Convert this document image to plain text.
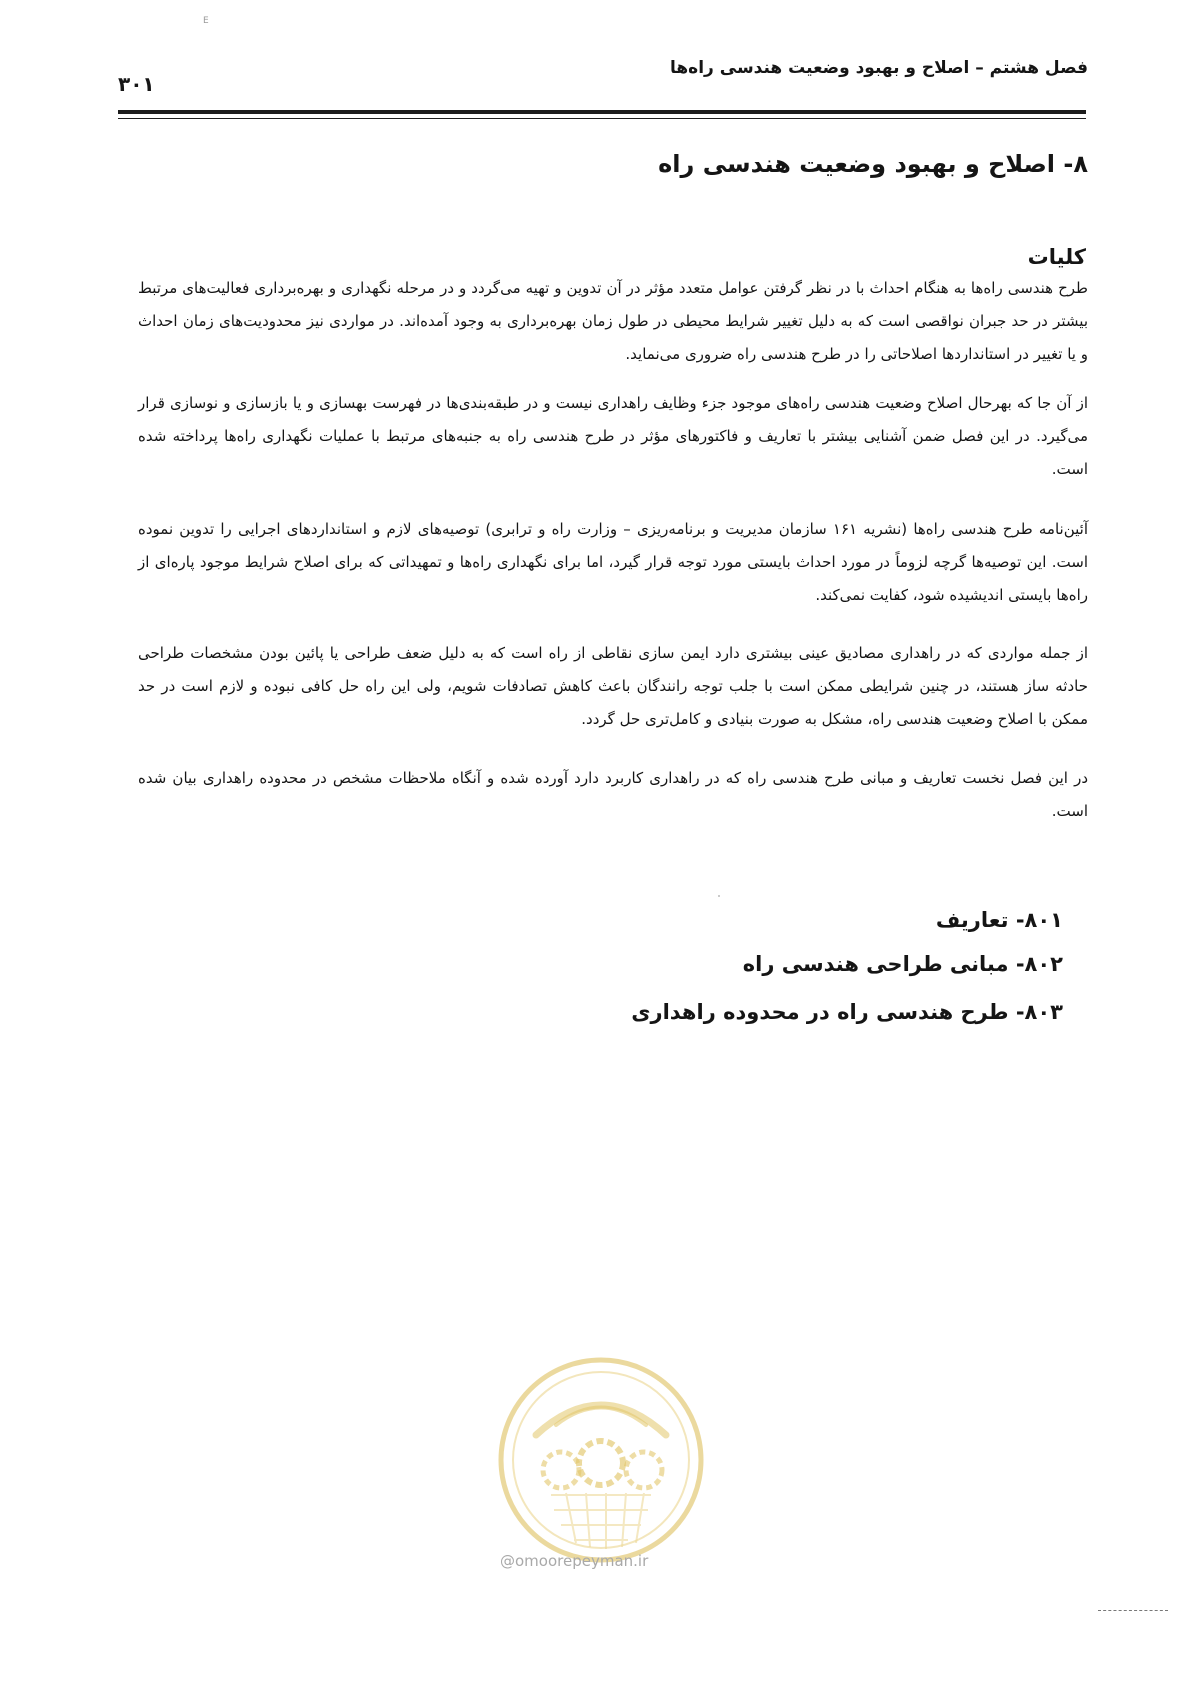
E
فصل هشتم – اصلاح و بهبود وضعیت هندسی راه‌ها
۳۰۱
۸- اصلاح و بهبود وضعیت هندسی راه
کلیات

طرح هندسی راه‌ها به هنگام احداث با در نظر گرفتن عوامل متعدد مؤثر در آن تدوین و تهیه می‌گردد و در مرحله نگهداری و بهره‌برداری فعالیت‌های مرتبط بیشتر در حد جبران نواقصی است که به دلیل تغییر شرایط محیطی در طول زمان بهره‌برداری به وجود آمده‌اند. در مواردی نیز محدودیت‌های زمان احداث و یا تغییر در استانداردها اصلاحاتی را در طرح هندسی راه ضروری می‌نماید.

از آن جا که بهرحال اصلاح وضعیت هندسی راه‌های موجود جزء وظایف راهداری نیست و در طبقه‌بندی‌ها در فهرست بهسازی و یا بازسازی و نوسازی قرار می‌گیرد. در این فصل ضمن آشنایی بیشتر با تعاریف و فاکتورهای مؤثر در طرح هندسی راه به جنبه‌های مرتبط با عملیات نگهداری راه‌ها پرداخته شده است.

آئین‌نامه طرح هندسی راه‌ها (نشریه ۱۶۱ سازمان مدیریت و برنامه‌ریزی – وزارت راه و ترابری) توصیه‌های لازم و استانداردهای اجرایی را تدوین نموده است. این توصیه‌ها گرچه لزوماً در مورد احداث بایستی مورد توجه قرار گیرد، اما برای نگهداری راه‌ها و تمهیداتی که برای اصلاح شرایط موجود پاره‌ای از راه‌ها بایستی اندیشیده شود، کفایت نمی‌کند.

از جمله مواردی که در راهداری مصادیق عینی بیشتری دارد ایمن سازی نقاطی از راه است که به دلیل ضعف طراحی یا پائین بودن مشخصات طراحی حادثه ساز هستند، در چنین شرایطی ممکن است با جلب توجه رانندگان باعث کاهش تصادفات شویم، ولی این راه حل کافی نبوده و لازم است در حد ممکن با اصلاح وضعیت هندسی راه، مشکل به صورت بنیادی و کامل‌تری حل گردد.

در این فصل نخست تعاریف و مبانی طرح هندسی راه که در راهداری کاربرد دارد آورده شده و آنگاه ملاحظات مشخص در محدوده راهداری بیان شده است.

۸۰۱- تعاریف
۸۰۲- مبانی طراحی هندسی راه
۸۰۳- طرح هندسی راه در محدوده راهداری
@omoorepeyman.ir
